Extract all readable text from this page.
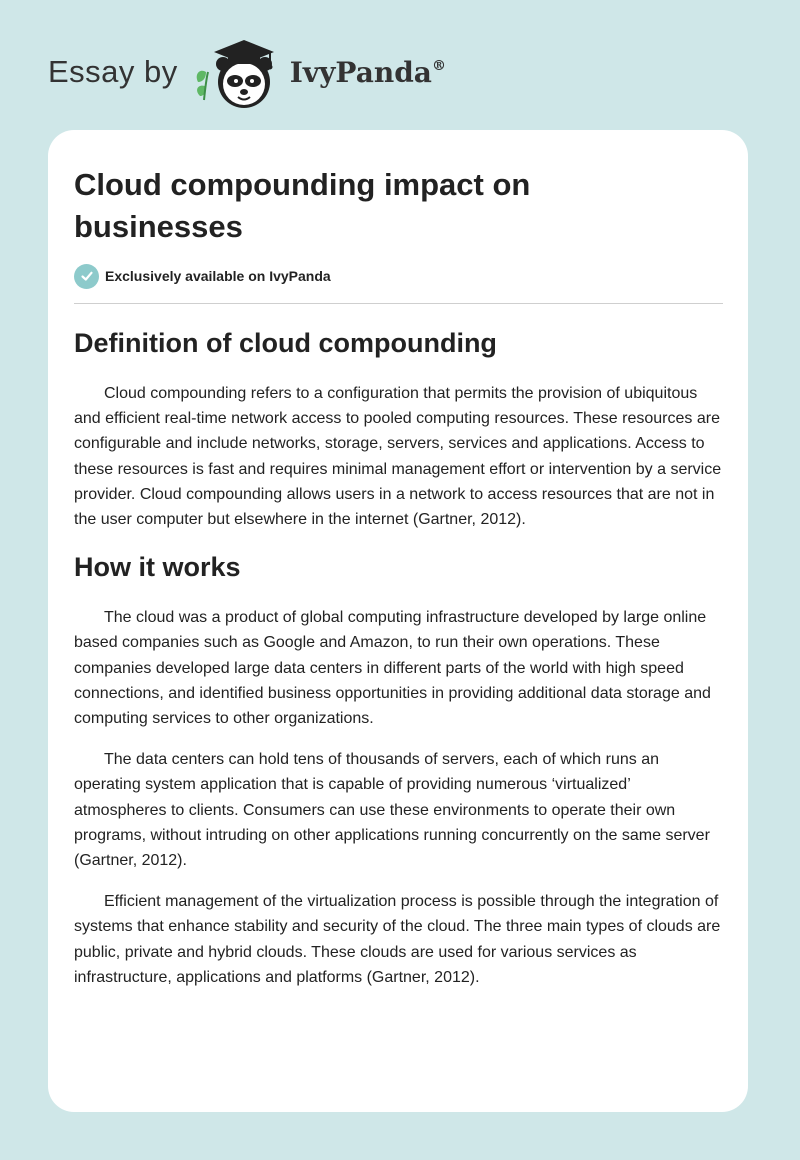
Essay by	IvyPanda®
Cloud compounding impact on businesses
Exclusively available on IvyPanda
Definition of cloud compounding

Cloud compounding refers to a configuration that permits the provision of ubiquitous and efficient real-time network access to pooled computing resources. These resources are configurable and include networks, storage, servers, services and applications. Access to these resources is fast and requires minimal management effort or intervention by a service provider. Cloud compounding allows users in a network to access resources that are not in the user computer but elsewhere in the internet (Gartner, 2012).

How it works

The cloud was a product of global computing infrastructure developed by large online based companies such as Google and Amazon, to run their own operations. These companies developed large data centers in different parts of the world with high speed connections, and identified business opportunities in providing additional data storage and computing services to other organizations.

The data centers can hold tens of thousands of servers, each of which runs an operating system application that is capable of providing numerous ‘virtualized’ atmospheres to clients. Consumers can use these environments to operate their own programs, without intruding on other applications running concurrently on the same server (Gartner, 2012).

Efficient management of the virtualization process is possible through the integration of systems that enhance stability and security of the cloud. The three main types of clouds are public, private and hybrid clouds. These clouds are used for various services as infrastructure, applications and platforms (Gartner, 2012).
